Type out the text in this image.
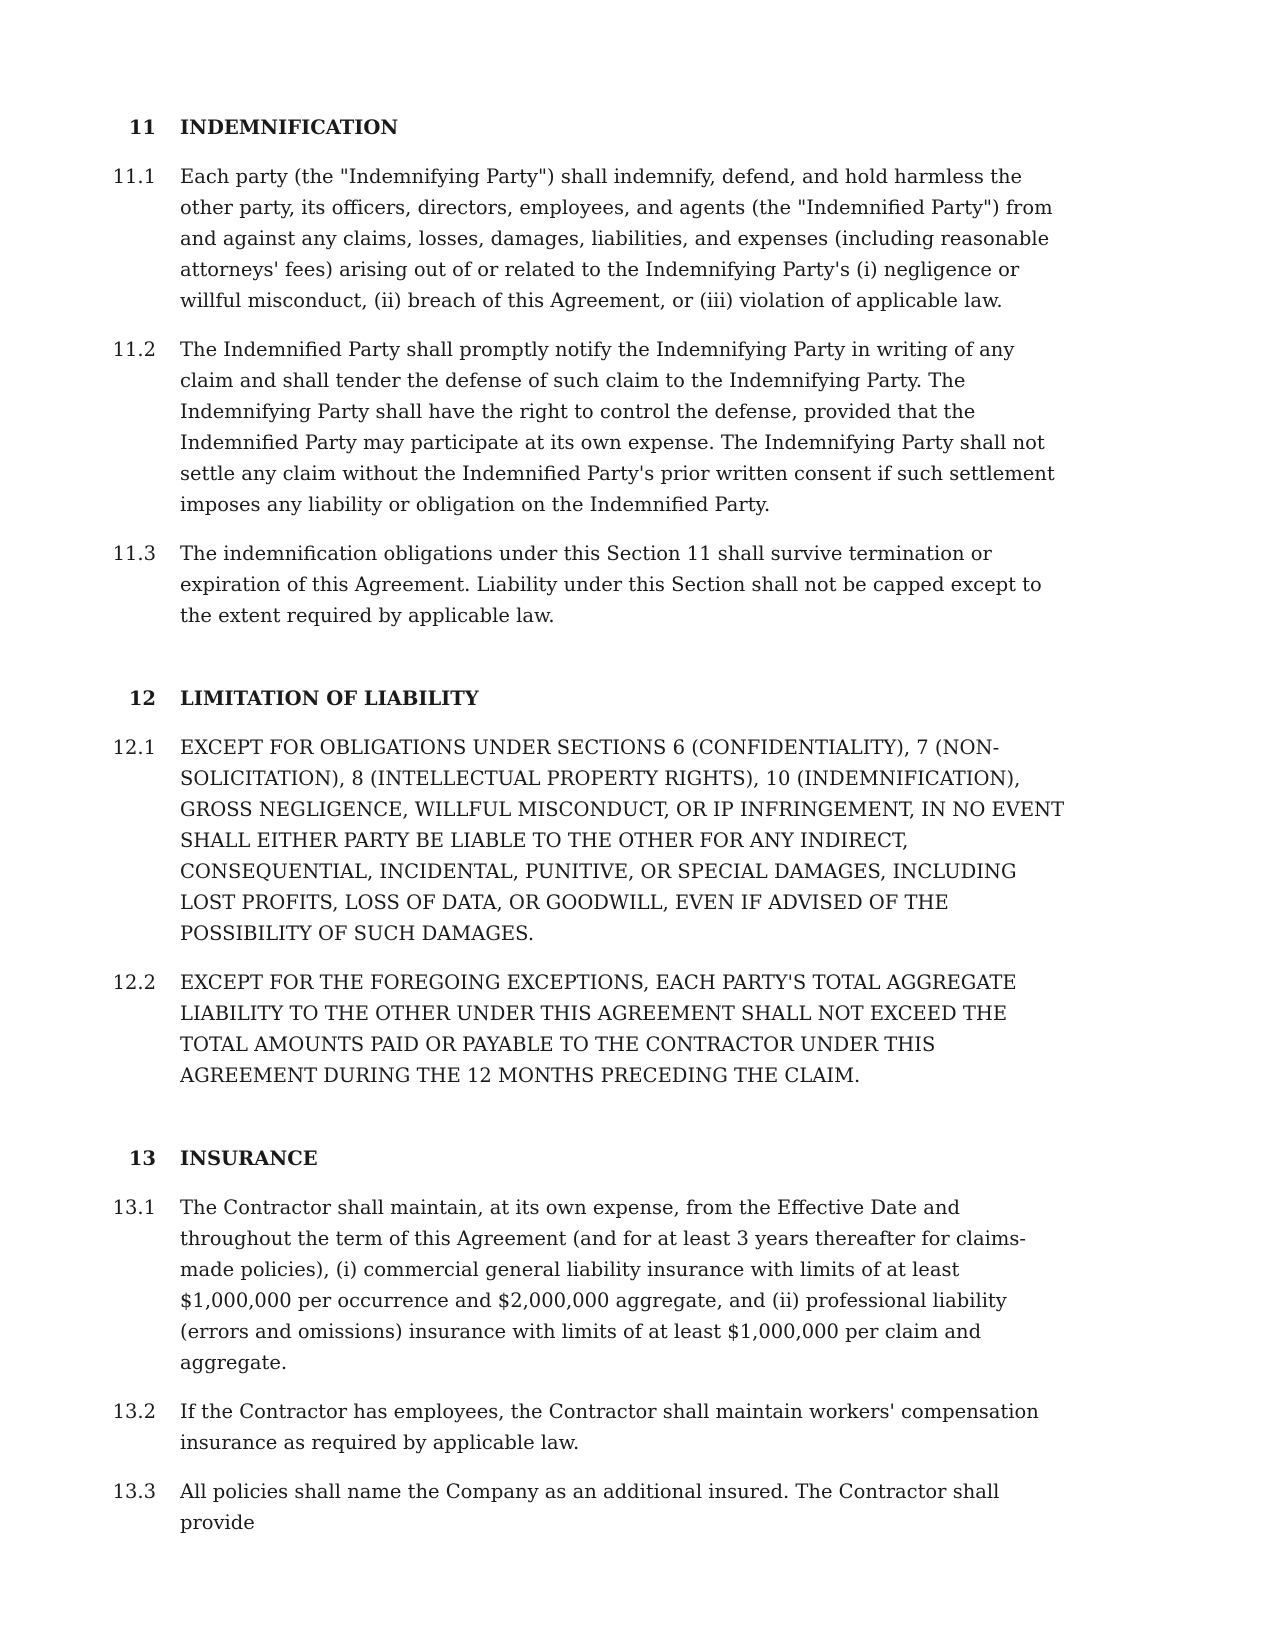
11	INDEMNIFICATION
11.1	Each party (the "Indemnifying Party") shall indemnify, defend, and hold harmless the other party, its officers, directors, employees, and agents (the "Indemnified Party") from and against any claims, losses, damages, liabilities, and expenses (including reasonable attorneys' fees) arising out of or related to the Indemnifying Party's (i) negligence or willful misconduct, (ii) breach of this Agreement, or (iii) violation of applicable law.
11.2	The Indemnified Party shall promptly notify the Indemnifying Party in writing of any claim and shall tender the defense of such claim to the Indemnifying Party. The Indemnifying Party shall have the right to control the defense, provided that the Indemnified Party may participate at its own expense. The Indemnifying Party shall not settle any claim without the Indemnified Party's prior written consent if such settlement imposes any liability or obligation on the Indemnified Party.
11.3	The indemnification obligations under this Section 11 shall survive termination or expiration of this Agreement. Liability under this Section shall not be capped except to the extent required by applicable law.
12	LIMITATION OF LIABILITY
12.1	EXCEPT FOR OBLIGATIONS UNDER SECTIONS 6 (CONFIDENTIALITY), 7 (NON-SOLICITATION), 8 (INTELLECTUAL PROPERTY RIGHTS), 10 (INDEMNIFICATION), GROSS NEGLIGENCE, WILLFUL MISCONDUCT, OR IP INFRINGEMENT, IN NO EVENT SHALL EITHER PARTY BE LIABLE TO THE OTHER FOR ANY INDIRECT, CONSEQUENTIAL, INCIDENTAL, PUNITIVE, OR SPECIAL DAMAGES, INCLUDING LOST PROFITS, LOSS OF DATA, OR GOODWILL, EVEN IF ADVISED OF THE POSSIBILITY OF SUCH DAMAGES.
12.2	EXCEPT FOR THE FOREGOING EXCEPTIONS, EACH PARTY'S TOTAL AGGREGATE LIABILITY TO THE OTHER UNDER THIS AGREEMENT SHALL NOT EXCEED THE TOTAL AMOUNTS PAID OR PAYABLE TO THE CONTRACTOR UNDER THIS AGREEMENT DURING THE 12 MONTHS PRECEDING THE CLAIM.
13	INSURANCE
13.1	The Contractor shall maintain, at its own expense, from the Effective Date and throughout the term of this Agreement (and for at least 3 years thereafter for claims-made policies), (i) commercial general liability insurance with limits of at least $1,000,000 per occurrence and $2,000,000 aggregate, and (ii) professional liability (errors and omissions) insurance with limits of at least $1,000,000 per claim and aggregate.
13.2	If the Contractor has employees, the Contractor shall maintain workers' compensation insurance as required by applicable law.
13.3	All policies shall name the Company as an additional insured. The Contractor shall provide
